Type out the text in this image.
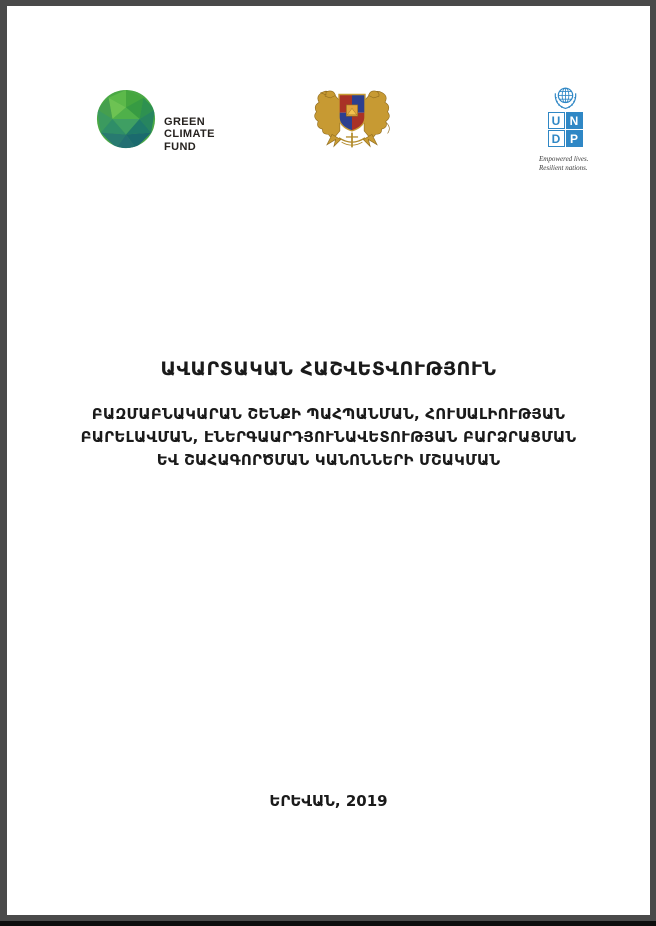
GREEN
CLIMATE
FUND
U N
D P
Empowered lives.
Resilient nations.
ԱՎԱՐՏԱԿԱՆ ՀԱՇՎԵՏՎՈՒԹՅՈՒՆ
ԲԱԶՄԱԲՆԱԿԱՐԱՆ ՇԵՆՔԻ ՊԱՀՊԱՆՄԱՆ, ՀՈՒՍԱԼԻՈՒԹՅԱՆ
ԲԱՐԵԼԱՎՄԱՆ, ԷՆԵՐԳԱԱՐԴՅՈՒՆԱՎԵՏՈՒԹՅԱՆ ԲԱՐՁՐԱՑՄԱՆ
ԵՎ ՇԱՀԱԳՈՐԾՄԱՆ ԿԱՆՈՆՆԵՐԻ ՄՇԱԿՄԱՆ
ԵՐԵՎԱՆ, 2019
